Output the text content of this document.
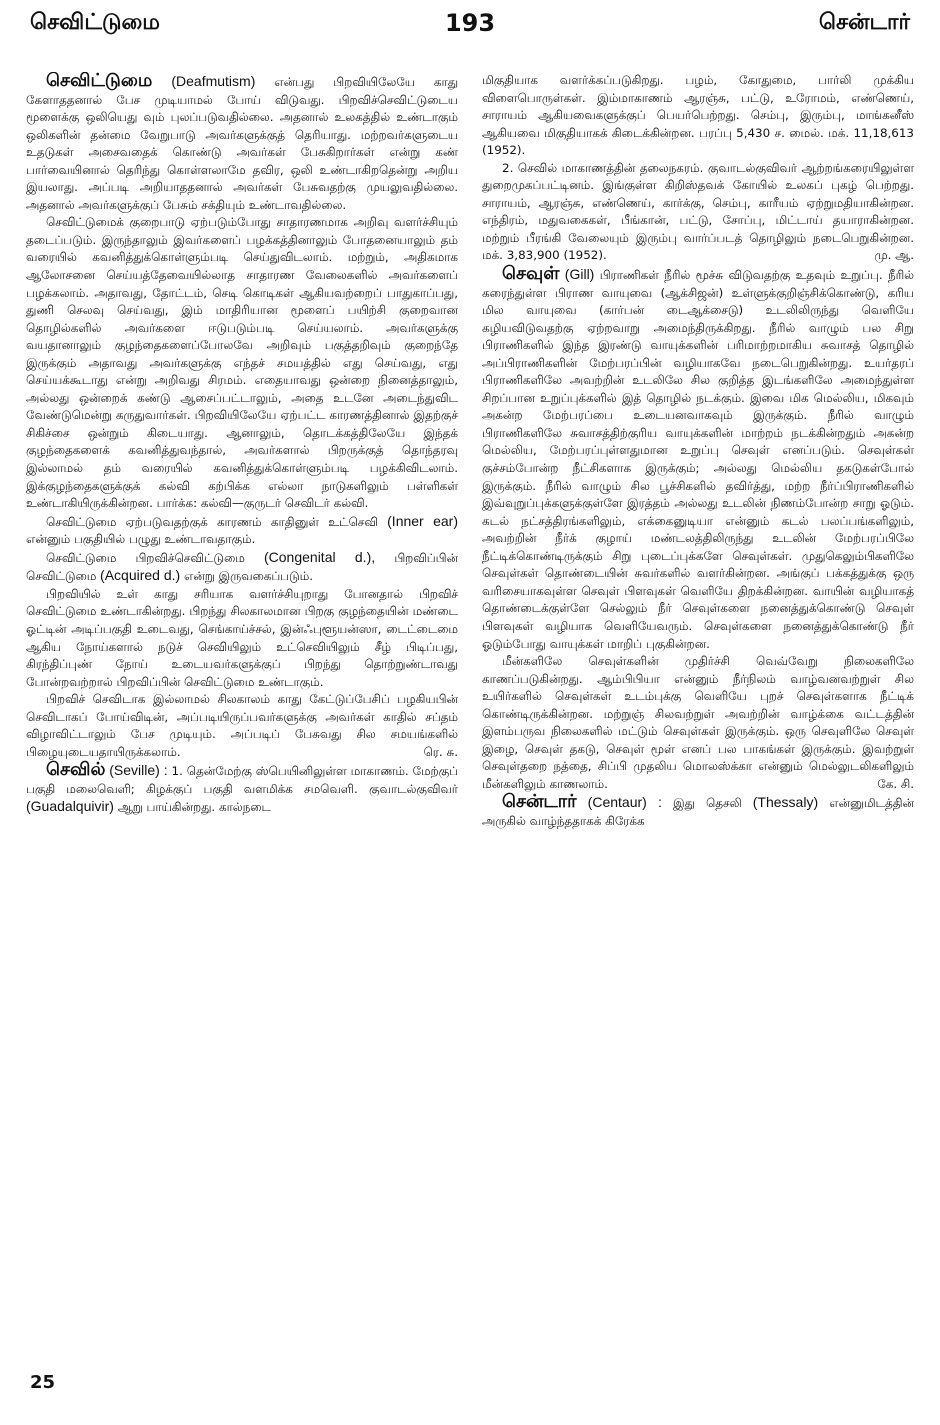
செவிட்டுமை	193	சென்டார்

செவிட்டுமை (Deafmutism) என்பது பிறவியிலேயே காது கேளாததனால் பேச முடியாமல் போய் விடுவது. பிறவிச்செவிட்டுடைய மூளைக்கு ஒலியெது வும் புலப்படுவதில்லை. அதனால் உலகத்தில் உண்டாகும் ஒலிகளின் தன்மை வேறுபாடு அவர்களுக்குத் தெரியாது. மற்றவர்களுடைய உதடுகள் அசைவதைக் கொண்டு அவர்கள் பேசுகிறார்கள் என்று கண் பார்வையினால் தெரிந்து கொள்ளலாமே தவிர, ஒலி உண்டாகிறதென்று அறிய இயலாது. அப்படி அறியாததனால் அவர்கள் பேசுவதற்கு முயலுவதில்லை. அதனால் அவர்களுக்குப் பேசும் சக்தியும் உண்டாவதில்லை.

செவிட்டுமைக் குறைபாடு ஏற்படும்போது சாதாரணமாக அறிவு வளர்ச்சியும் தடைப்படும். இருந்தாலும் இவர்களைப் பழக்கத்தினாலும் போதனையாலும் தம் வரையில் கவனித்துக்கொள்ளும்படி செய்துவிடலாம். மற்றும், அதிகமாக ஆலோசனை செய்யத்தேவையில்லாத சாதாரண வேலைகளில் அவர்களைப் பழக்கலாம். அதாவது, தோட்டம், செடி கொடிகள் ஆகியவற்றைப் பாதுகாப்பது, துணி செலவு செய்வது, இம் மாதிரியான மூளைப் பயிற்சி குறைவான தொழில்களில் அவர்களை ஈடுபடும்படி செய்யலாம். அவர்களுக்கு வயதானாலும் குழந்தைகளைப்போலவே அறிவும் பகுத்தறிவும் குறைந்தே இருக்கும் அதாவது அவர்களுக்கு எந்தச் சமயத்தில் எது செய்வது, எது செய்யக்கூடாது என்று அறிவது சிரமம். எதையாவது ஒன்றை நினைத்தாலும், அல்லது ஒன்றைக் கண்டு ஆசைப்பட்டாலும், அதை உடனே அடைந்துவிட வேண்டுமென்று கருதுவார்கள். பிறவியிலேயே ஏற்பட்ட காரணத்தினால் இதற்குச் சிகிச்சை ஒன்றும் கிடையாது. ஆனாலும், தொடக்கத்திலேயே இந்தக் குழந்தைகளைக் கவனித்துவந்தால், அவர்களால் பிறருக்குத் தொந்தரவு இல்லாமல் தம் வரையில் கவனித்துக்கொள்ளும்படி பழக்கிவிடலாம். இக்குழந்தைகளுக்குக் கல்வி கற்பிக்க எல்லா நாடுகளிலும் பள்ளிகள் உண்டாகியிருக்கின்றன. பார்க்க: கல்வி—குருடர் செவிடர் கல்வி.

செவிட்டுமை ஏற்படுவதற்குக் காரணம் காதினுள் உட்செவி (Inner ear) என்னும் பகுதியில் பழுது உண்டாவதாகும்.

செவிட்டுமை பிறவிச்செவிட்டுமை (Congenital d.), பிறவிப்பின் செவிட்டுமை (Acquired d.) என்று இருவகைப்படும்.

பிறவியில் உள் காது சரியாக வளர்ச்சியுறாது போனதால் பிறவிச் செவிட்டுமை உண்டாகின்றது. பிறந்து சிலகாலமான பிறகு குழந்தையின் மண்டை ஓட்டின் அடிப்பகுதி உடைவது, செங்காய்ச்சல், இன்ஃபுளூயன்ஸா, டைட்டைமை ஆகிய நோய்களால் நடுச் செவியிலும் உட்செவியிலும் சீழ் பிடிப்பது, கிரந்திப்புண் நோய் உடையவர்களுக்குப் பிறந்து தொற்றுண்டாவது போன்றவற்றால் பிறவிப்பின் செவிட்டுமை உண்டாகும்.

பிறவிச் செவிடாக இல்லாமல் சிலகாலம் காது கேட்டுப்பேசிப் பழகியபின் செவிடாகப் போய்விடின், அப்படியிருப்பவர்களுக்கு அவர்கள் காதில் சப்தம் விழாவிட்டாலும் பேச முடியும். அப்படிப் பேசுவது சில சமயங்களில் பிழையுடையதாயிருக்கலாம்.	ரெ. சு.

செவில் (Seville) : 1. தென்மேற்கு ஸ்பெயினிலுள்ள மாகாணம். மேற்குப் பகுதி மலைவெளி; கிழக்குப் பகுதி வளமிக்க சமவெளி. குவாடல்குவிவர் (Guadalquivir) ஆறு பாய்கின்றது. கால்நடை

மிகுதியாக வளர்க்கப்படுகிறது. பழம், கோதுமை, பார்லி முக்கிய விளைபொருள்கள். இம்மாகாணம் ஆரஞ்சு, பட்டு, உரோமம், எண்ணெய், சாராயம் ஆகியவைகளுக்குப் பெயர்பெற்றது. செம்பு, இரும்பு, மாங்கனீஸ் ஆகியவை மிகுதியாகக் கிடைக்கின்றன. பரப்பு 5,430 ச. மைல். மக். 11,18,613 (1952).

2. செவில் மாகாணத்தின் தலைநகரம். குவாடல்குவிவர் ஆற்றங்கரையிலுள்ள துறைமுகப்பட்டினம். இங்குள்ள கிறிஸ்தவக் கோயில் உலகப் புகழ் பெற்றது. சாராயம், ஆரஞ்சு, எண்ணெய், கார்க்கு, செம்பு, காரீயம் ஏற்றுமதியாகின்றன. எந்திரம், மதுவகைகள், பீங்கான், பட்டு, சோப்பு, மிட்டாய் தயாராகின்றன. மற்றும் பீரங்கி வேலையும் இரும்பு வார்ப்படத் தொழிலும் நடைபெறுகின்றன. மக். 3,83,900 (1952).	மு. ஆ.

செவுள் (Gill) பிராணிகள் நீரில் மூச்சு விடுவதற்கு உதவும் உறுப்பு. நீரில் கரைந்துள்ள பிராண வாயுவை (ஆக்சிஜன்) உள்ளுக்குறிஞ்சிக்கொண்டு, கரிய மில வாயுவை (கார்பன் டைஆக்சைடு) உடலிலிருந்து வெளியே கழியவிடுவதற்கு ஏற்றவாறு அமைந்திருக்கிறது. நீரில் வாழும் பல சிறு பிராணிகளில் இந்த இரண்டு வாயுக்களின் பரிமாற்றமாகிய சுவாசத் தொழில் அப்பிராணிகளின் மேற்பரப்பின் வழியாகவே நடைபெறுகின்றது. உயர்தரப் பிராணிகளிலே அவற்றின் உடலிலே சில குறித்த இடங்களிலே அமைந்துள்ள சிறப்பான உறுப்புக்களில் இத் தொழில் நடக்கும். இவை மிக மெல்லிய, மிகவும் அகன்ற மேற்பரப்பை உடையனவாகவும் இருக்கும். நீரில் வாழும் பிராணிகளிலே சுவாசத்திற்குரிய வாயுக்களின் மாற்றம் நடக்கின்றதும் அகன்ற மெல்லிய, மேற்பரப்புள்ளதுமான உறுப்பு செவுள் எனப்படும். செவுள்கள் குச்சம்போன்ற நீட்சிகளாக இருக்கும்; அல்லது மெல்லிய தகடுகள்போல் இருக்கும். நீரில் வாழும் சில பூச்சிகளில் தவிர்த்து, மற்ற நீர்ப்பிராணிகளில் இவ்வுறுப்புக்களுக்குள்ளே இரத்தம் அல்லது உடலின் நிணம்போன்ற சாறு ஓடும். கடல் நட்சத்திரங்களிலும், எக்கைனுடியா என்னும் கடல் பலப்பங்களிலும், அவற்றின் நீர்க் குழாய் மண்டலத்திலிருந்து உடலின் மேற்பரப்பிலே நீட்டிக்கொண்டிருக்கும் சிறு புடைப்புக்களே செவுள்கள். முதுகெலும்பிகளிலே செவுள்கள் தொண்டையின் சுவர்களில் வளர்கின்றன. அங்குப் பக்கத்துக்கு ஒரு வரிசையாகவுள்ள செவுள் பிளவுகள் வெளியே திறக்கின்றன. வாயின் வழியாகத் தொண்டைக்குள்ளே செல்லும் நீர் செவுள்களை நனைத்துக்கொண்டு செவுள் பிளவுகள் வழியாக வெளியேவரும். செவுள்களை நனைத்துக்கொண்டு நீர் ஓடும்போது வாயுக்கள் மாறிப் புகுகின்றன.

மீன்களிலே செவுள்களின் முதிர்ச்சி வெவ்வேறு நிலைகளிலே காணப்படுகின்றது. ஆம்பிபியா என்னும் நீர்நிலம் வாழ்வனவற்றுள் சில உயிர்களில் செவுள்கள் உடம்புக்கு வெளியே புறச் செவுள்களாக நீட்டிக் கொண்டிருக்கின்றன. மற்றுஞ் சிலவற்றுள் அவற்றின் வாழ்க்கை வட்டத்தின் இளம்பருவ நிலைகளில் மட்டும் செவுள்கள் இருக்கும். ஒரு செவுளிலே செவுள் இழை, செவுள் தகடு, செவுள் மூள் எனப் பல பாகங்கள் இருக்கும். இவற்றுள் செவுள்தறை நத்தை, சிப்பி முதலிய மொலஸ்க்கா என்னும் மெல்லுடலிகளிலும் மீன்களிலும் காணலாம்.	கே. சி.

சென்டார் (Centaur) : இது தெசலி (Thessaly) என்னுமிடத்தின் அருகில் வாழ்ந்ததாகக் கிரேக்க

25
